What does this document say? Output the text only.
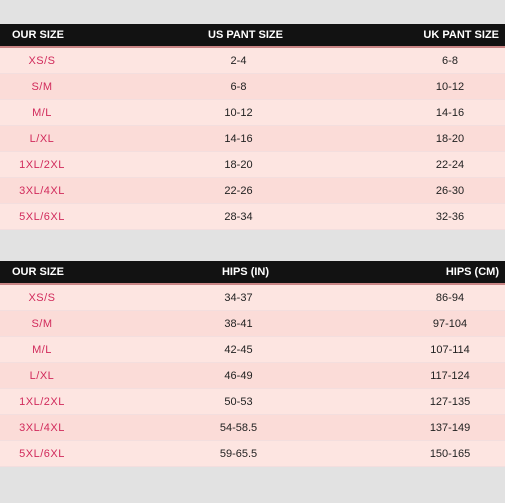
OUR SIZE	US PANT SIZE	UK PANT SIZE
XS/S	2-4	6-8
S/M	6-8	10-12
M/L	10-12	14-16
L/XL	14-16	18-20
1XL/2XL	18-20	22-24
3XL/4XL	22-26	26-30
5XL/6XL	28-34	32-36
OUR SIZE	HIPS (IN)	HIPS (CM)
XS/S	34-37	86-94
S/M	38-41	97-104
M/L	42-45	107-114
L/XL	46-49	117-124
1XL/2XL	50-53	127-135
3XL/4XL	54-58.5	137-149
5XL/6XL	59-65.5	150-165
